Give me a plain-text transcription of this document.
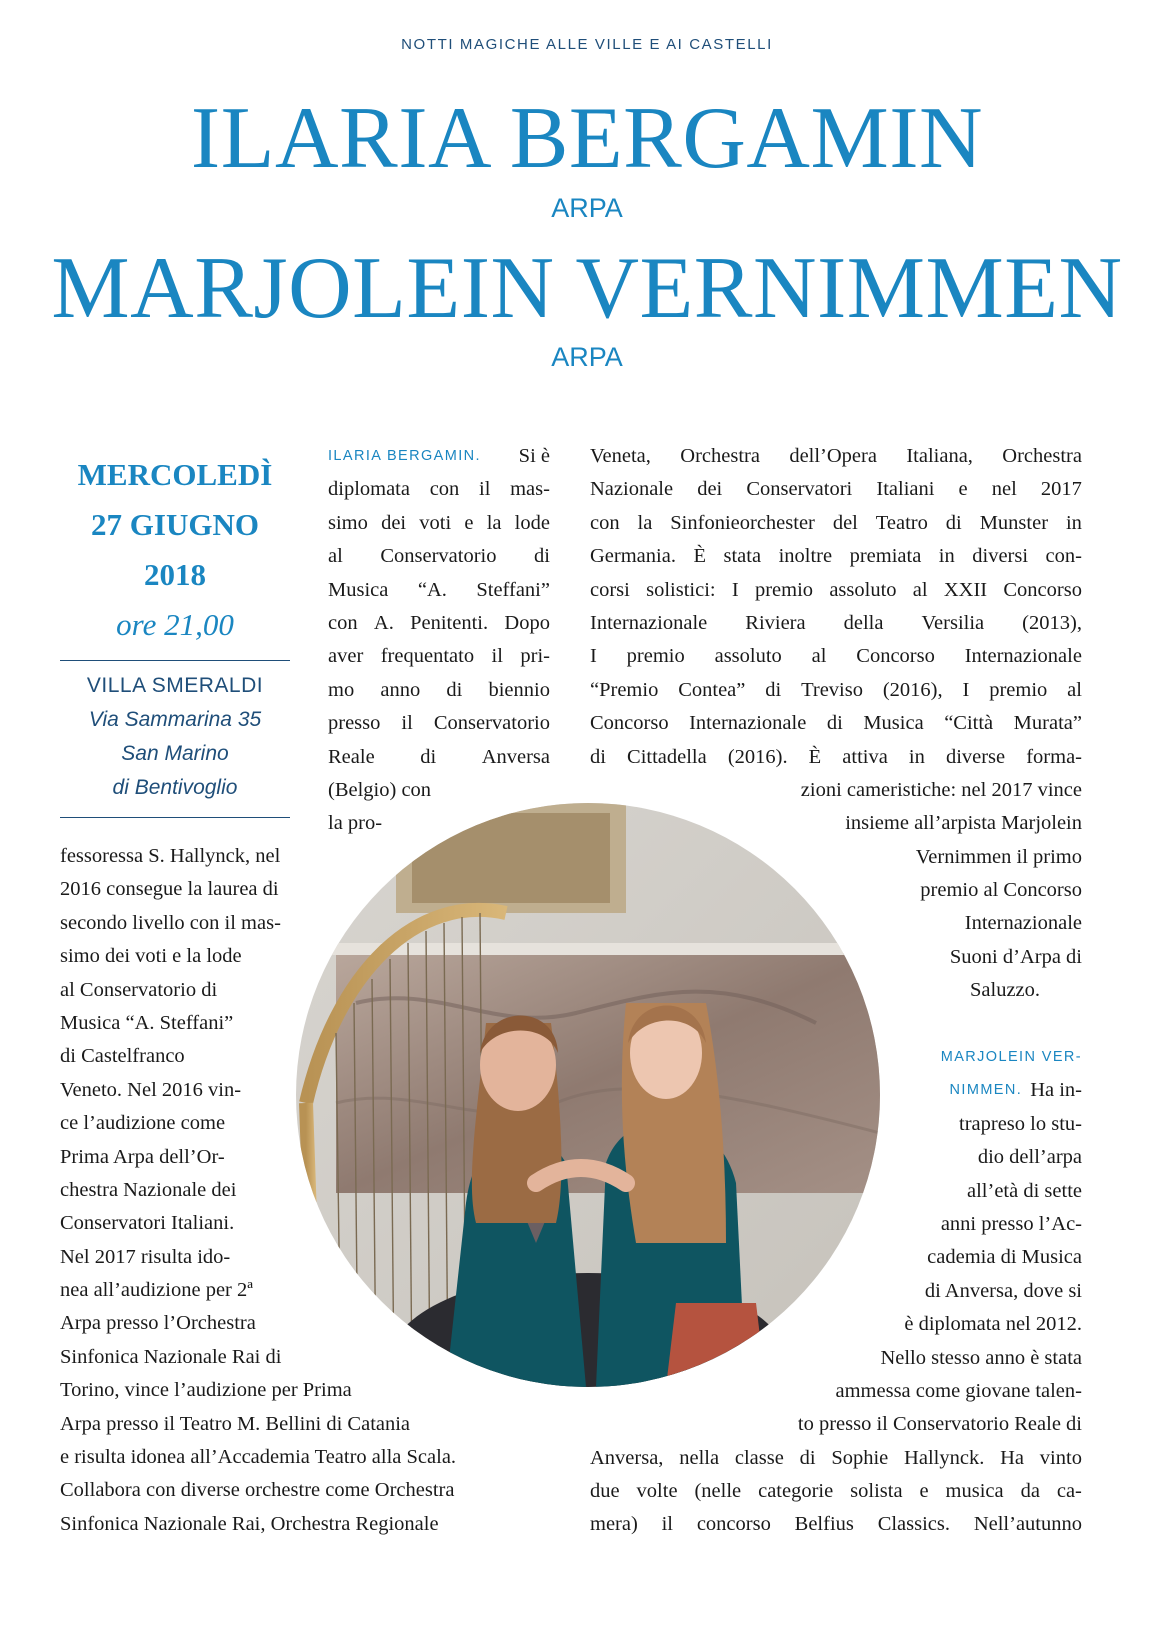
NOTTI MAGICHE ALLE VILLE E AI CASTELLI
ILARIA BERGAMIN
ARPA
MARJOLEIN VERNIMMEN
ARPA
MERCOLEDÌ
27 GIUGNO
2018
ore 21,00
VILLA SMERALDI
Via Sammarina 35
San Marino
di Bentivoglio
ILARIA BERGAMIN. Si è
diplomata con il mas-
simo dei voti e la lode
al Conservatorio di
Musica “A. Steffani”
con A. Penitenti. Dopo
aver frequentato il pri-
mo anno di biennio
presso il Conservatorio
Reale di Anversa
(Belgio) con
la pro-
fessoressa S. Hallynck, nel
2016 consegue la laurea di
secondo livello con il mas-
simo dei voti e la lode
al Conservatorio di
Musica “A. Steffani”
di Castelfranco
Veneto. Nel 2016 vin-
ce l’audizione come
Prima Arpa dell’Or-
chestra Nazionale dei
Conservatori Italiani.
Nel 2017 risulta ido-
nea all’audizione per 2ª
Arpa presso l’Orchestra
Sinfonica Nazionale Rai di
Torino, vince l’audizione per Prima
Arpa presso il Teatro M. Bellini di Catania
e risulta idonea all’Accademia Teatro alla Scala.
Collabora con diverse orchestre come Orchestra
Sinfonica Nazionale Rai, Orchestra Regionale
Veneta, Orchestra dell’Opera Italiana, Orchestra
Nazionale dei Conservatori Italiani e nel 2017
con la Sinfonieorchester del Teatro di Munster in
Germania. È stata inoltre premiata in diversi con-
corsi solistici: I premio assoluto al XXII Concorso
Internazionale Riviera della Versilia (2013),
I premio assoluto al Concorso Internazionale
“Premio Contea” di Treviso (2016), I premio al
Concorso Internazionale di Musica “Città Murata”
di Cittadella (2016). È attiva in diverse forma-
zioni cameristiche: nel 2017 vince
insieme all’arpista Marjolein
Vernimmen il primo
premio al Concorso
Internazionale
Suoni d’Arpa di
Saluzzo.
MARJOLEIN VER-
NIMMEN. Ha in-
trapreso lo stu-
dio dell’arpa
all’età di sette
anni presso l’Ac-
cademia di Musica
di Anversa, dove si
è diplomata nel 2012.
Nello stesso anno è stata
ammessa come giovane talen-
to presso il Conservatorio Reale di
Anversa, nella classe di Sophie Hallynck. Ha vinto
due volte (nelle categorie solista e musica da ca-
mera) il concorso Belfius Classics. Nell’autunno
